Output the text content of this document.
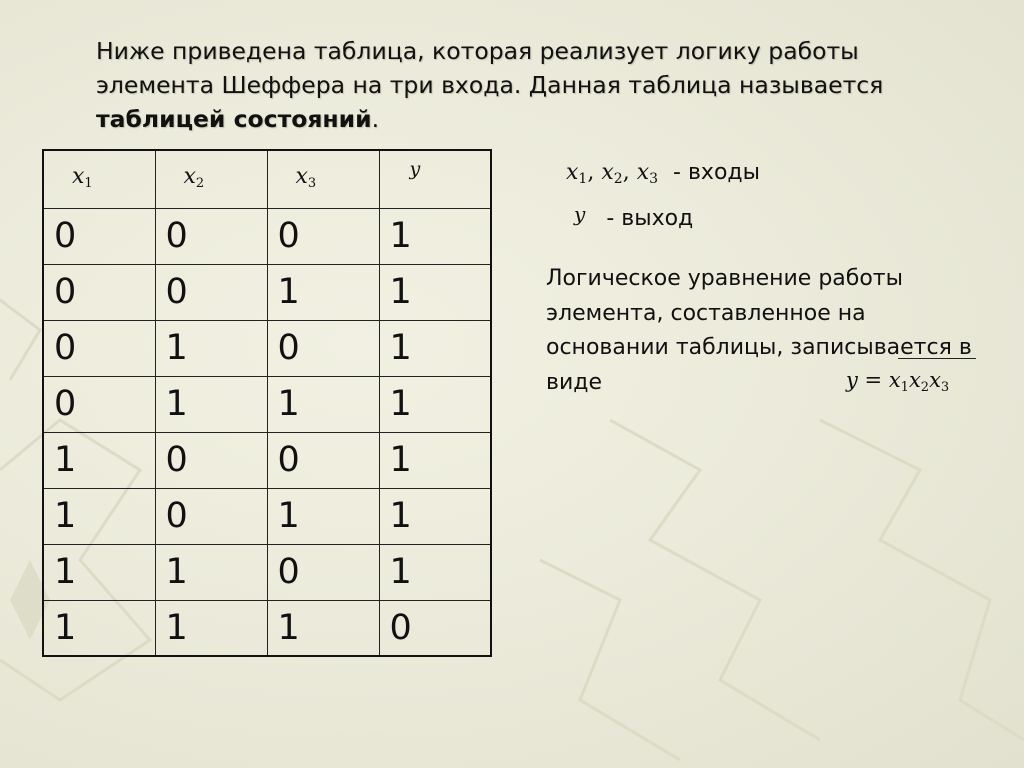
Ниже приведена таблица, которая реализует логику работы элемента Шеффера на три входа. Данная таблица называется таблицей состояний.
$x_1$	$x_2$	$x_3$	y

0	0	0	1
0	0	1	1
0	1	0	1
0	1	1	1
1	0	0	1
1	0	1	1
1	1	0	1
1	1	1	0
$x_1$, $x_2$, $x_3$ - входы
y - выход
Логическое уравнение работы элемента, составленное на основании таблицы, записывается в виде	$y = x_1x_2x_3$
